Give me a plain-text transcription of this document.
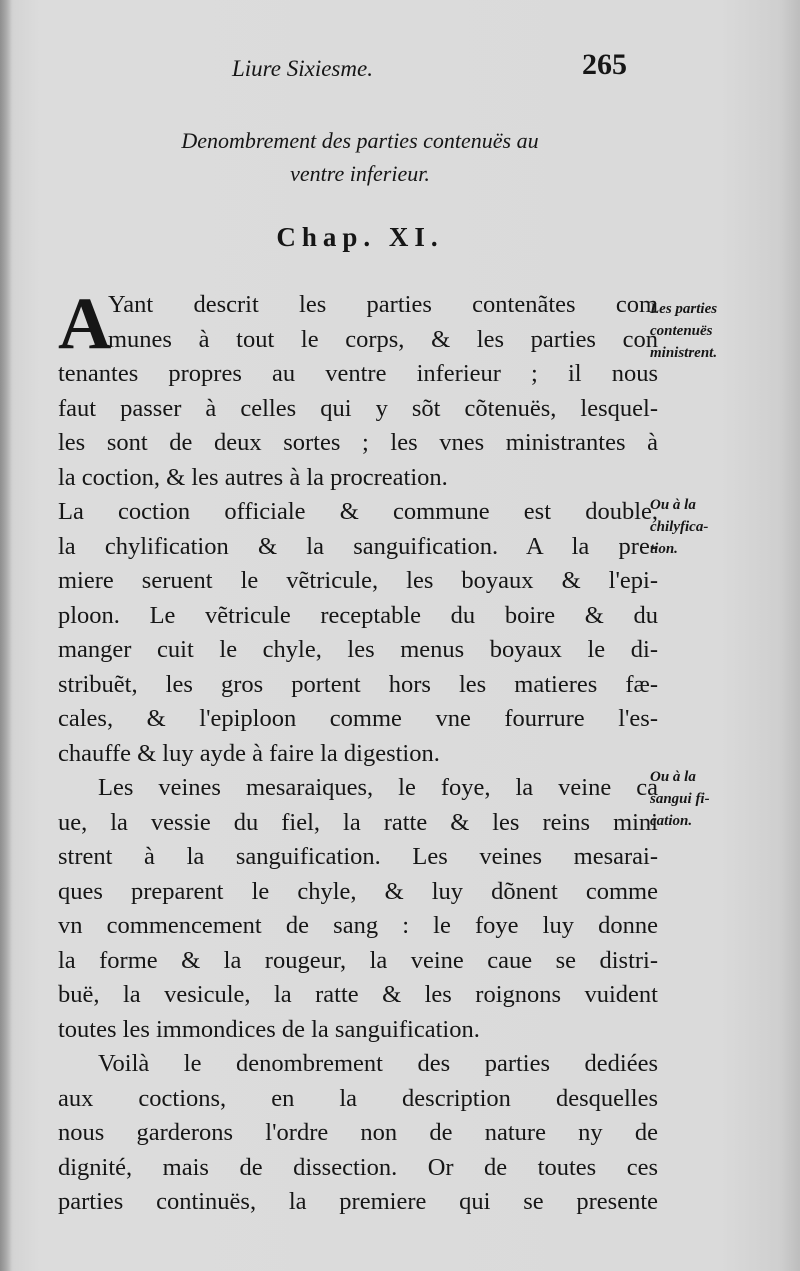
Liure Sixiesme.	265
Denombrement des parties contenuës au
ventre inferieur.
Chap. XI.
A
Yant descrit les parties contenãtes com
munes à tout le corps, & les parties con
tenantes propres au ventre inferieur ; il nous
faut passer à celles qui y sõt cõtenuës, lesquel-
les sont de deux sortes ; les vnes ministrantes à
la coction, & les autres à la procreation.
La coction officiale & commune est double,
la chylification & la sanguification. A la pre-
miere seruent le vẽtricule, les boyaux & l'epi-
ploon. Le vẽtricule receptable du boire & du
manger cuit le chyle, les menus boyaux le di-
stribuẽt, les gros portent hors les matieres fæ-
cales, & l'epiploon comme vne fourrure l'es-
chauffe & luy ayde à faire la digestion.
Les veines mesaraiques, le foye, la veine ca
ue, la vessie du fiel, la ratte & les reins mini
strent à la sanguification. Les veines mesarai-
ques preparent le chyle, & luy dõnent comme
vn commencement de sang : le foye luy donne
la forme & la rougeur, la veine caue se distri-
buë, la vesicule, la ratte & les roignons vuident
toutes les immondices de la sanguification.
Voilà le denombrement des parties dediées
aux coctions, en la description desquelles
nous garderons l'ordre non de nature ny de
dignité, mais de dissection. Or de toutes ces
parties continuës, la premiere qui se presente
Les parties
contenuës
ministrent.
Ou à la
chilyfica-
tion.
Ou à la
sangui fi-
cation.
